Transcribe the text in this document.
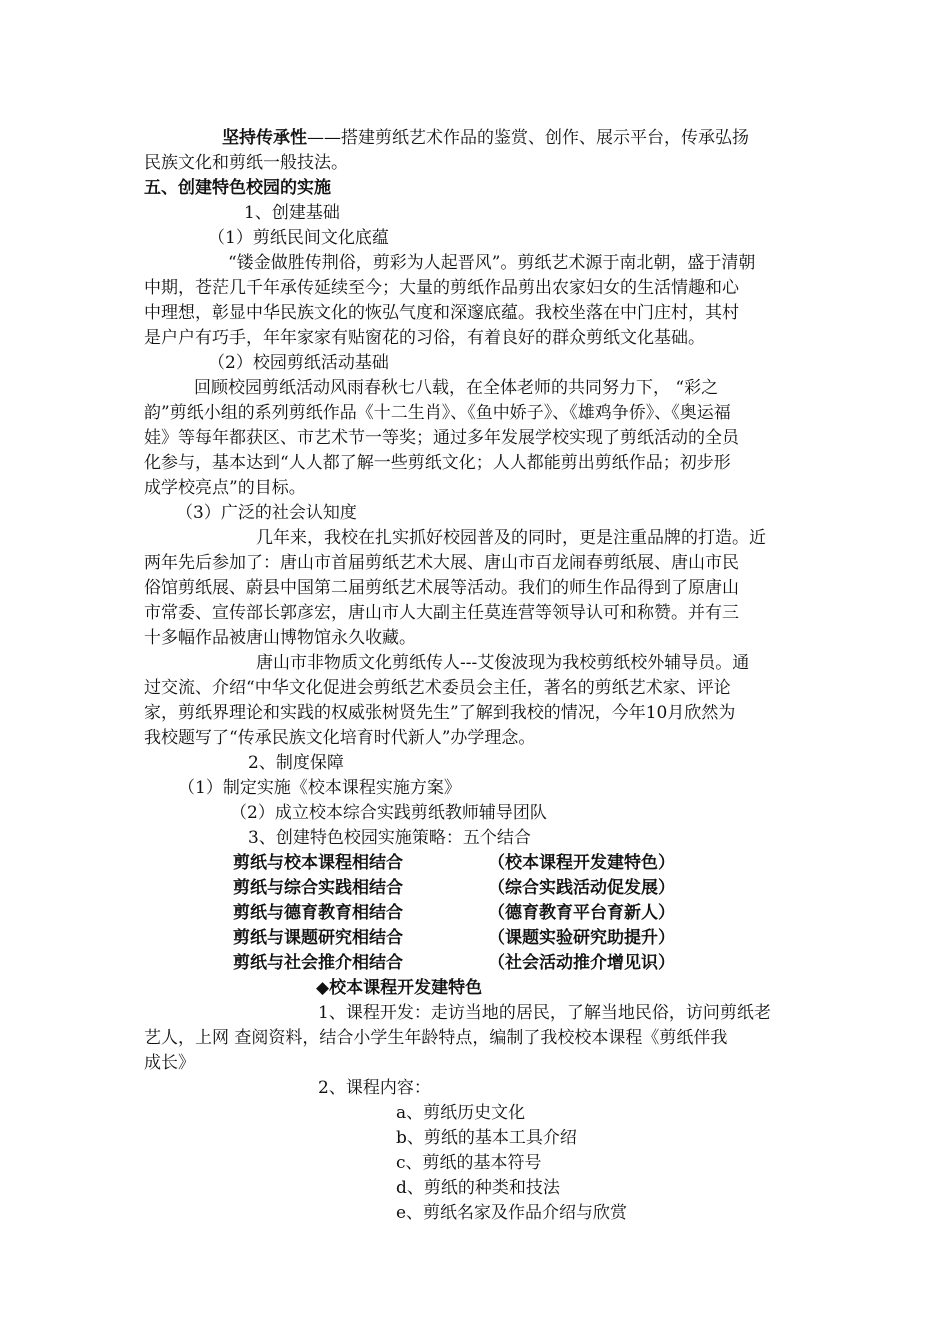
坚持传承性——搭建剪纸艺术作品的鉴赏、创作、展示平台，传承弘扬
民族文化和剪纸一般技法。
五、创建特色校园的实施
1、创建基础
（1）剪纸民间文化底蕴
“镂金做胜传荆俗，剪彩为人起晋风”。剪纸艺术源于南北朝，盛于清朝
中期，苍茫几千年承传延续至今；大量的剪纸作品剪出农家妇女的生活情趣和心
中理想，彰显中华民族文化的恢弘气度和深邃底蕴。我校坐落在中门庄村，其村
是户户有巧手，年年家家有贴窗花的习俗，有着良好的群众剪纸文化基础。
（2）校园剪纸活动基础
回顾校园剪纸活动风雨春秋七八载，在全体老师的共同努力下， “彩之
韵”剪纸小组的系列剪纸作品《十二生肖》、《鱼中娇子》、《雄鸡争侨》、《奥运福
娃》等每年都获区、市艺术节一等奖；通过多年发展学校实现了剪纸活动的全员
化参与，基本达到“人人都了解一些剪纸文化；人人都能剪出剪纸作品；初步形
成学校亮点”的目标。
（3）广泛的社会认知度
几年来，我校在扎实抓好校园普及的同时，更是注重品牌的打造。近
两年先后参加了：唐山市首届剪纸艺术大展、唐山市百龙闹春剪纸展、唐山市民
俗馆剪纸展、蔚县中国第二届剪纸艺术展等活动。我们的师生作品得到了原唐山
市常委、宣传部长郭彦宏，唐山市人大副主任莫连营等领导认可和称赞。并有三
十多幅作品被唐山博物馆永久收藏。
唐山市非物质文化剪纸传人---艾俊波现为我校剪纸校外辅导员。通
过交流、介绍“中华文化促进会剪纸艺术委员会主任，著名的剪纸艺术家、评论
家，剪纸界理论和实践的权威张树贤先生”了解到我校的情况，今年10月欣然为
我校题写了“传承民族文化培育时代新人”办学理念。
2、制度保障
（1）制定实施《校本课程实施方案》
（2）成立校本综合实践剪纸教师辅导团队
3、创建特色校园实施策略：五个结合
剪纸与校本课程相结合	（校本课程开发建特色）
剪纸与综合实践相结合	（综合实践活动促发展）
剪纸与德育教育相结合	（德育教育平台育新人）
剪纸与课题研究相结合	（课题实验研究助提升）
剪纸与社会推介相结合	（社会活动推介增见识）
◆校本课程开发建特色
1、课程开发：走访当地的居民，了解当地民俗，访问剪纸老
艺人，上网 查阅资料，结合小学生年龄特点，编制了我校校本课程《剪纸伴我
成长》
2、课程内容：
a、剪纸历史文化
b、剪纸的基本工具介绍
c、剪纸的基本符号
d、剪纸的种类和技法
e、剪纸名家及作品介绍与欣赏
